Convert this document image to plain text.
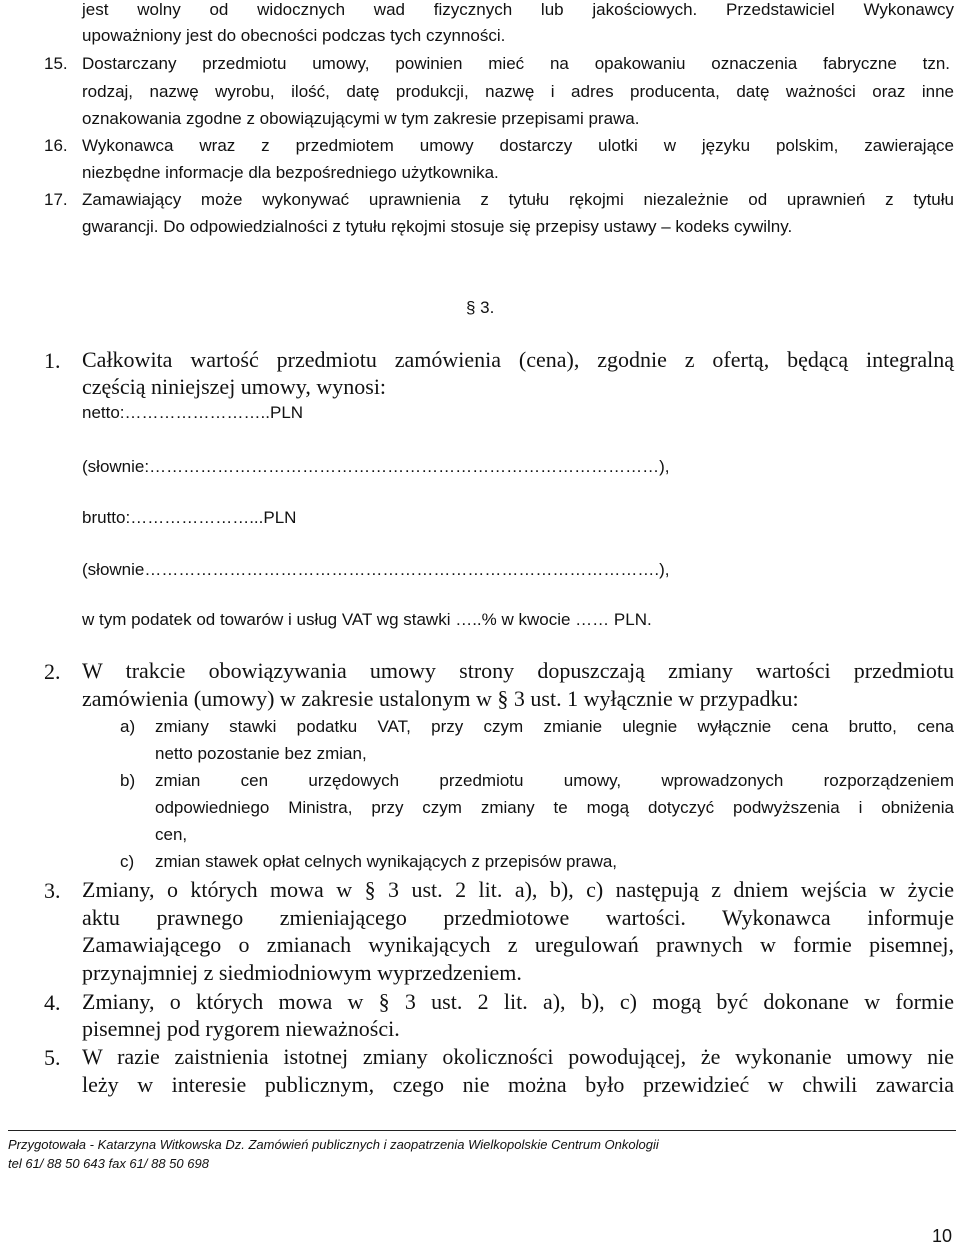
jest wolny od widocznych wad fizycznych lub jakościowych. Przedstawiciel Wykonawcy
upoważniony jest do obecności podczas tych czynności.
15. Dostarczany przedmiotu umowy, powinien mieć na opakowaniu oznaczenia fabryczne tzn.
rodzaj, nazwę wyrobu, ilość, datę produkcji, nazwę i adres producenta, datę ważności oraz inne
oznakowania zgodne z obowiązującymi w tym zakresie przepisami prawa.
16. Wykonawca wraz z przedmiotem umowy dostarczy ulotki w języku polskim, zawierające
niezbędne informacje dla bezpośredniego użytkownika.
17. Zamawiający może wykonywać uprawnienia z tytułu rękojmi niezależnie od uprawnień z tytułu
gwarancji. Do odpowiedzialności z tytułu rękojmi stosuje się przepisy ustawy – kodeks cywilny.
§ 3.
1. Całkowita wartość przedmiotu zamówienia (cena), zgodnie z ofertą, będącą integralną
częścią niniejszej umowy, wynosi:
netto:……………………..PLN
(słownie:………………………………………………………………………………),
brutto:…………………...PLN
(słownie……………………………………………………………………………….),
w tym podatek od towarów i usług VAT wg stawki …..% w kwocie …… PLN.
2. W trakcie obowiązywania umowy strony dopuszczają zmiany wartości przedmiotu
zamówienia (umowy) w zakresie ustalonym w § 3 ust. 1 wyłącznie w przypadku:
a) zmiany stawki podatku VAT, przy czym zmianie ulegnie wyłącznie cena brutto, cena
netto pozostanie bez zmian,
b) zmian cen urzędowych przedmiotu umowy, wprowadzonych rozporządzeniem
odpowiedniego Ministra, przy czym zmiany te mogą dotyczyć podwyższenia i obniżenia
cen,
c) zmian stawek opłat celnych wynikających z przepisów prawa,
3. Zmiany, o których mowa w § 3 ust. 2 lit. a), b), c) następują z dniem wejścia w życie
aktu prawnego zmieniającego przedmiotowe wartości. Wykonawca informuje
Zamawiającego o zmianach wynikających z uregulowań prawnych w formie pisemnej,
przynajmniej z siedmiodniowym wyprzedzeniem.
4. Zmiany, o których mowa w § 3 ust. 2 lit. a), b), c) mogą być dokonane w formie
pisemnej pod rygorem nieważności.
5. W razie zaistnienia istotnej zmiany okoliczności powodującej, że wykonanie umowy nie
leży w interesie publicznym, czego nie można było przewidzieć w chwili zawarcia
Przygotowała - Katarzyna Witkowska Dz. Zamówień publicznych i zaopatrzenia Wielkopolskie Centrum Onkologii
tel 61/ 88 50 643 fax 61/ 88 50 698
10
